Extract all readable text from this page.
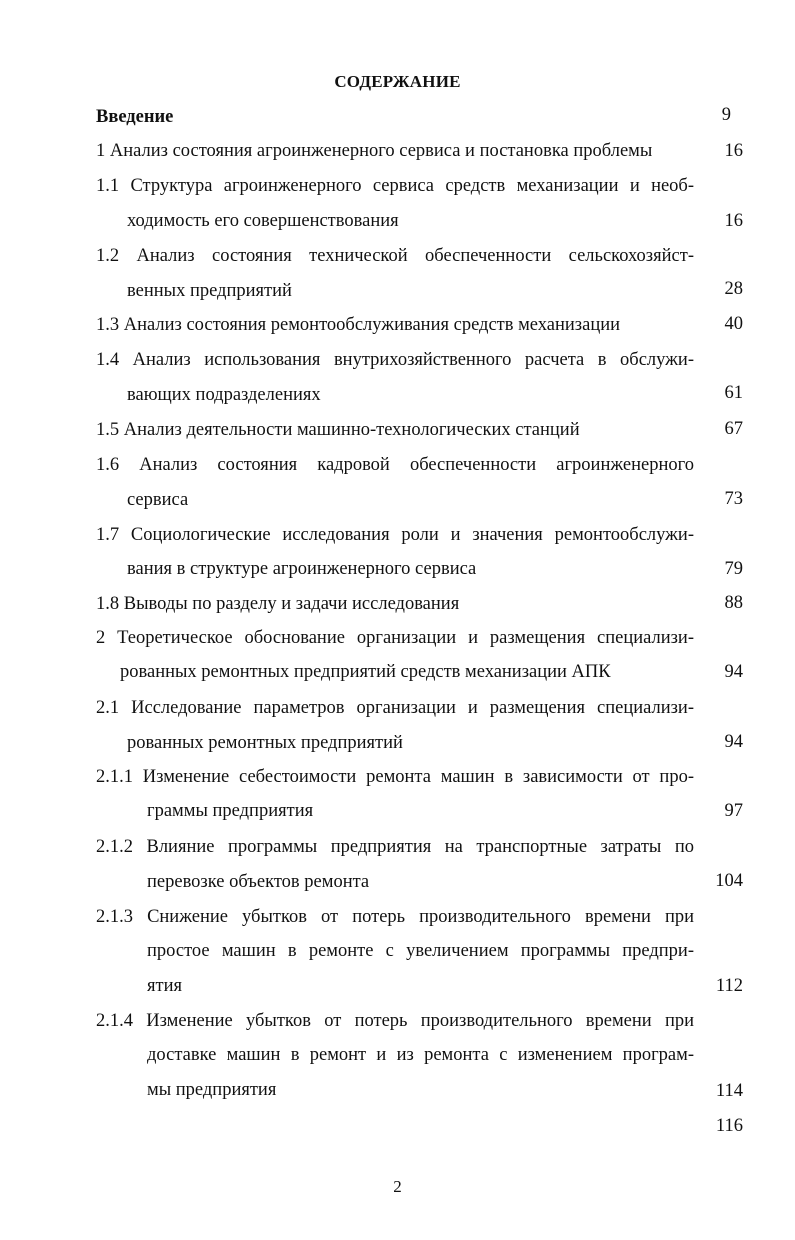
СОДЕРЖАНИЕ
Введение	9
1 Анализ состояния агроинженерного сервиса и постановка проблемы	16
1.1 Структура агроинженерного сервиса средств механизации и необ-
ходимость его совершенствования	16
1.2 Анализ состояния технической обеспеченности сельскохозяйст-
венных предприятий	28
1.3 Анализ состояния ремонтообслуживания средств механизации	40
1.4 Анализ использования внутрихозяйственного расчета в обслужи-
вающих подразделениях	61
1.5 Анализ деятельности машинно-технологических станций	67
1.6 Анализ состояния кадровой обеспеченности агроинженерного
сервиса	73
1.7 Социологические исследования роли и значения ремонтообслужи-
вания в структуре агроинженерного сервиса	79
1.8 Выводы по разделу и задачи исследования	88
2 Теоретическое обоснование организации и размещения специализи-
рованных ремонтных предприятий средств механизации АПК	94
2.1 Исследование параметров организации и размещения специализи-
рованных ремонтных предприятий	94
2.1.1 Изменение себестоимости ремонта машин в зависимости от про-
граммы предприятия	97
2.1.2 Влияние программы предприятия на транспортные затраты по
перевозке объектов ремонта	104
2.1.3 Снижение убытков от потерь производительного времени при
простое машин в ремонте с увеличением программы предпри-
ятия	112
2.1.4 Изменение убытков от потерь производительного времени при
доставке машин в ремонт и из ремонта с изменением програм-
мы предприятия	114
116
2
